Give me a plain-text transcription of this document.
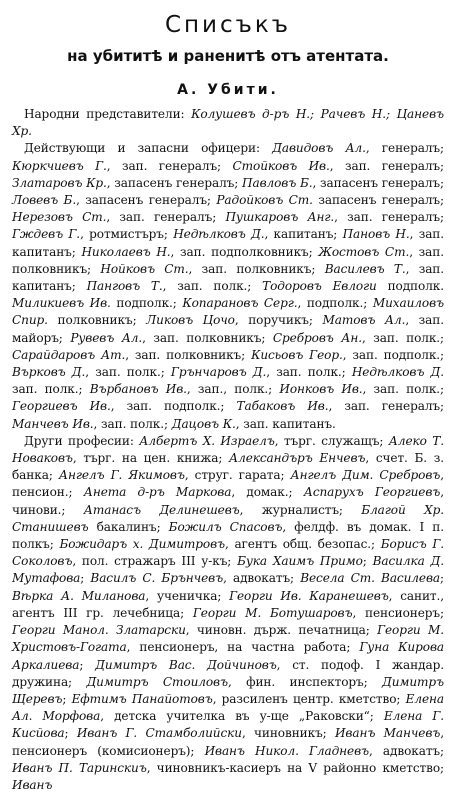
Списъкъ
на убититѣ и раненитѣ отъ атентата.
А. Убити.

Народни представители: Колушевъ д-ръ Н.; Рачевъ Н.; Цаневъ Хр.

Действующи и запасни офицери: Давидовъ Ал., генералъ; Кюркчиевъ Г., зап. генералъ; Стойковъ Ив., зап. генералъ; Златаровъ Кр., запасенъ генералъ; Павловъ Б., запасенъ генералъ; Ловевъ Б., запасенъ генералъ; Радойковъ Ст. запасенъ генералъ; Нерезовъ Ст., зап. генералъ; Пушкаровъ Анг., зап. генералъ; Гждевъ Г., ротмистъръ; Недѣлковъ Д., капитанъ; Пановъ Н., зап. капитанъ; Николаевъ Н., зап. подполковникъ; Жостовъ Ст., зап. полковникъ; Нойковъ Ст., зап. полковникъ; Василевъ Т., зап. капитанъ; Панговъ Т., зап. полк.; Тодоровъ Евлоги подполк. Миликиевъ Ив. подполк.; Копарановъ Серг., подполк.; Михаиловъ Спир. полковникъ; Ликовъ Цочо, поручикъ; Матовъ Ал., зап. майоръ; Рувевъ Ал., зап. полковникъ; Сребровъ Ан., зап. полк.; Сарайдаровъ Ат., зап. полковникъ; Кисьовъ Геор., зап. подполк.; Върковъ Д., зап. полк.; Грънчаровъ Д., зап. полк.; Недѣлковъ Д. зап. полк.; Върбановъ Ив., зап., полк.; Ионковъ Ив., зап. полк.; Георгиевъ Ив., зап. подполк.; Табаковъ Ив., зап. генералъ; Манчевъ Ив., зап. полк.; Дацовъ К., зап. капитанъ.

Други професии: Албертъ Х. Израелъ, търг. служащъ; Алеко Т. Новаковъ, търг. на цен. книжа; Александъръ Енчевъ, счет. Б. з. банка; Ангелъ Г. Якимовъ, струг. гарата; Ангелъ Дим. Сребровъ, пенсион.; Анета д-ръ Маркова, домак.; Аспарухъ Георгиевъ, чинови.; Атанасъ Делинешевъ, журналистъ; Благой Хр. Станишевъ бакалинъ; Божилъ Спасовъ, фелдф. въ домак. I п. полкъ; Божидаръ х. Димитровъ, агентъ общ. безопас.; Борисъ Г. Соколовъ, пол. стражаръ III у-къ; Бука Хаимъ Примо; Василка Д. Мутафова; Василъ С. Брънчевъ, адвокатъ; Весела Ст. Василева; Вѣрка А. Миланова, ученичка; Георги Ив. Каранешевъ, санит., агентъ III гр. лечебница; Георги М. Ботушаровъ, пенсионеръ; Георги Манол. Златарски, чиновн. държ. печатница; Георги М. Христовъ-Гогата, пенсионеръ, на частна работа; Гуна Кирова Аркалиева; Димитръ Вас. Дойчиновъ, ст. подоф. I жандар. дружина; Димитръ Стоиловъ, фин. инспекторъ; Димитръ Щеревъ; Ефтимъ Панайотовъ, разсиленъ центр. кметство; Елена Ал. Морфова, детска учителка въ у-ще „Раковски“; Елена Г. Кисйова; Иванъ Г. Стамболийски, чиновникъ; Иванъ Манчевъ, пенсионеръ (комисионеръ); Иванъ Никол. Гладневъ, адвокатъ; Иванъ П. Таринскиъ, чиновникъ-касиеръ на V районно кметство; Иванъ
